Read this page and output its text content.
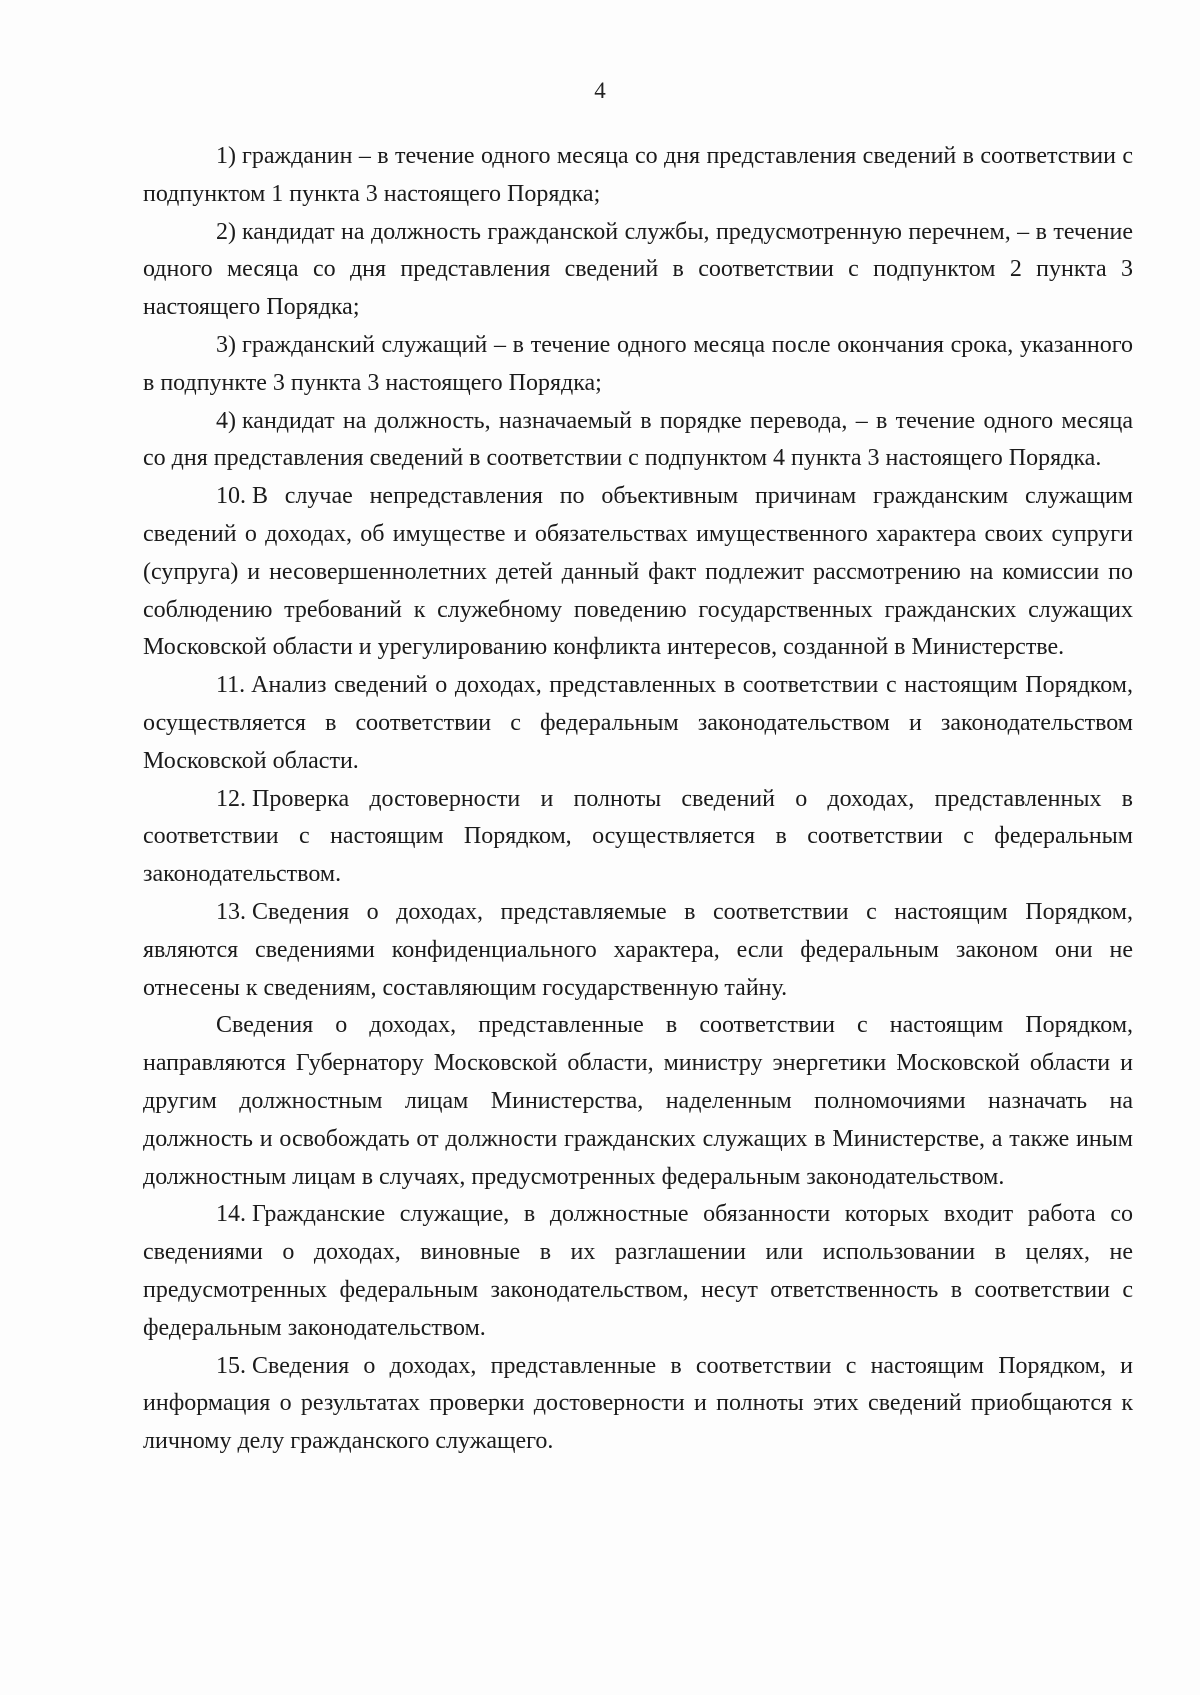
4

1) гражданин – в течение одного месяца со дня представления сведений в соответствии с подпунктом 1 пункта 3 настоящего Порядка;

2) кандидат на должность гражданской службы, предусмотренную перечнем, – в течение одного месяца со дня представления сведений в соответствии с подпунктом 2 пункта 3 настоящего Порядка;

3) гражданский служащий – в течение одного месяца после окончания срока, указанного в подпункте 3 пункта 3 настоящего Порядка;

4) кандидат на должность, назначаемый в порядке перевода, – в течение одного месяца со дня представления сведений в соответствии с подпунктом 4 пункта 3 настоящего Порядка.

10. В случае непредставления по объективным причинам гражданским служащим сведений о доходах, об имуществе и обязательствах имущественного характера своих супруги (супруга) и несовершеннолетних детей данный факт подлежит рассмотрению на комиссии по соблюдению требований к служебному поведению государственных гражданских служащих Московской области и урегулированию конфликта интересов, созданной в Министерстве.

11. Анализ сведений о доходах, представленных в соответствии с настоящим Порядком, осуществляется в соответствии с федеральным законодательством и законодательством Московской области.

12. Проверка достоверности и полноты сведений о доходах, представленных в соответствии с настоящим Порядком, осуществляется в соответствии с федеральным законодательством.

13. Сведения о доходах, представляемые в соответствии с настоящим Порядком, являются сведениями конфиденциального характера, если федеральным законом они не отнесены к сведениям, составляющим государственную тайну.

Сведения о доходах, представленные в соответствии с настоящим Порядком, направляются Губернатору Московской области, министру энергетики Московской области и другим должностным лицам Министерства, наделенным полномочиями назначать на должность и освобождать от должности гражданских служащих в Министерстве, а также иным должностным лицам в случаях, предусмотренных федеральным законодательством.

14. Гражданские служащие, в должностные обязанности которых входит работа со сведениями о доходах, виновные в их разглашении или использовании в целях, не предусмотренных федеральным законодательством, несут ответственность в соответствии с федеральным законодательством.

15. Сведения о доходах, представленные в соответствии с настоящим Порядком, и информация о результатах проверки достоверности и полноты этих сведений приобщаются к личному делу гражданского служащего.
